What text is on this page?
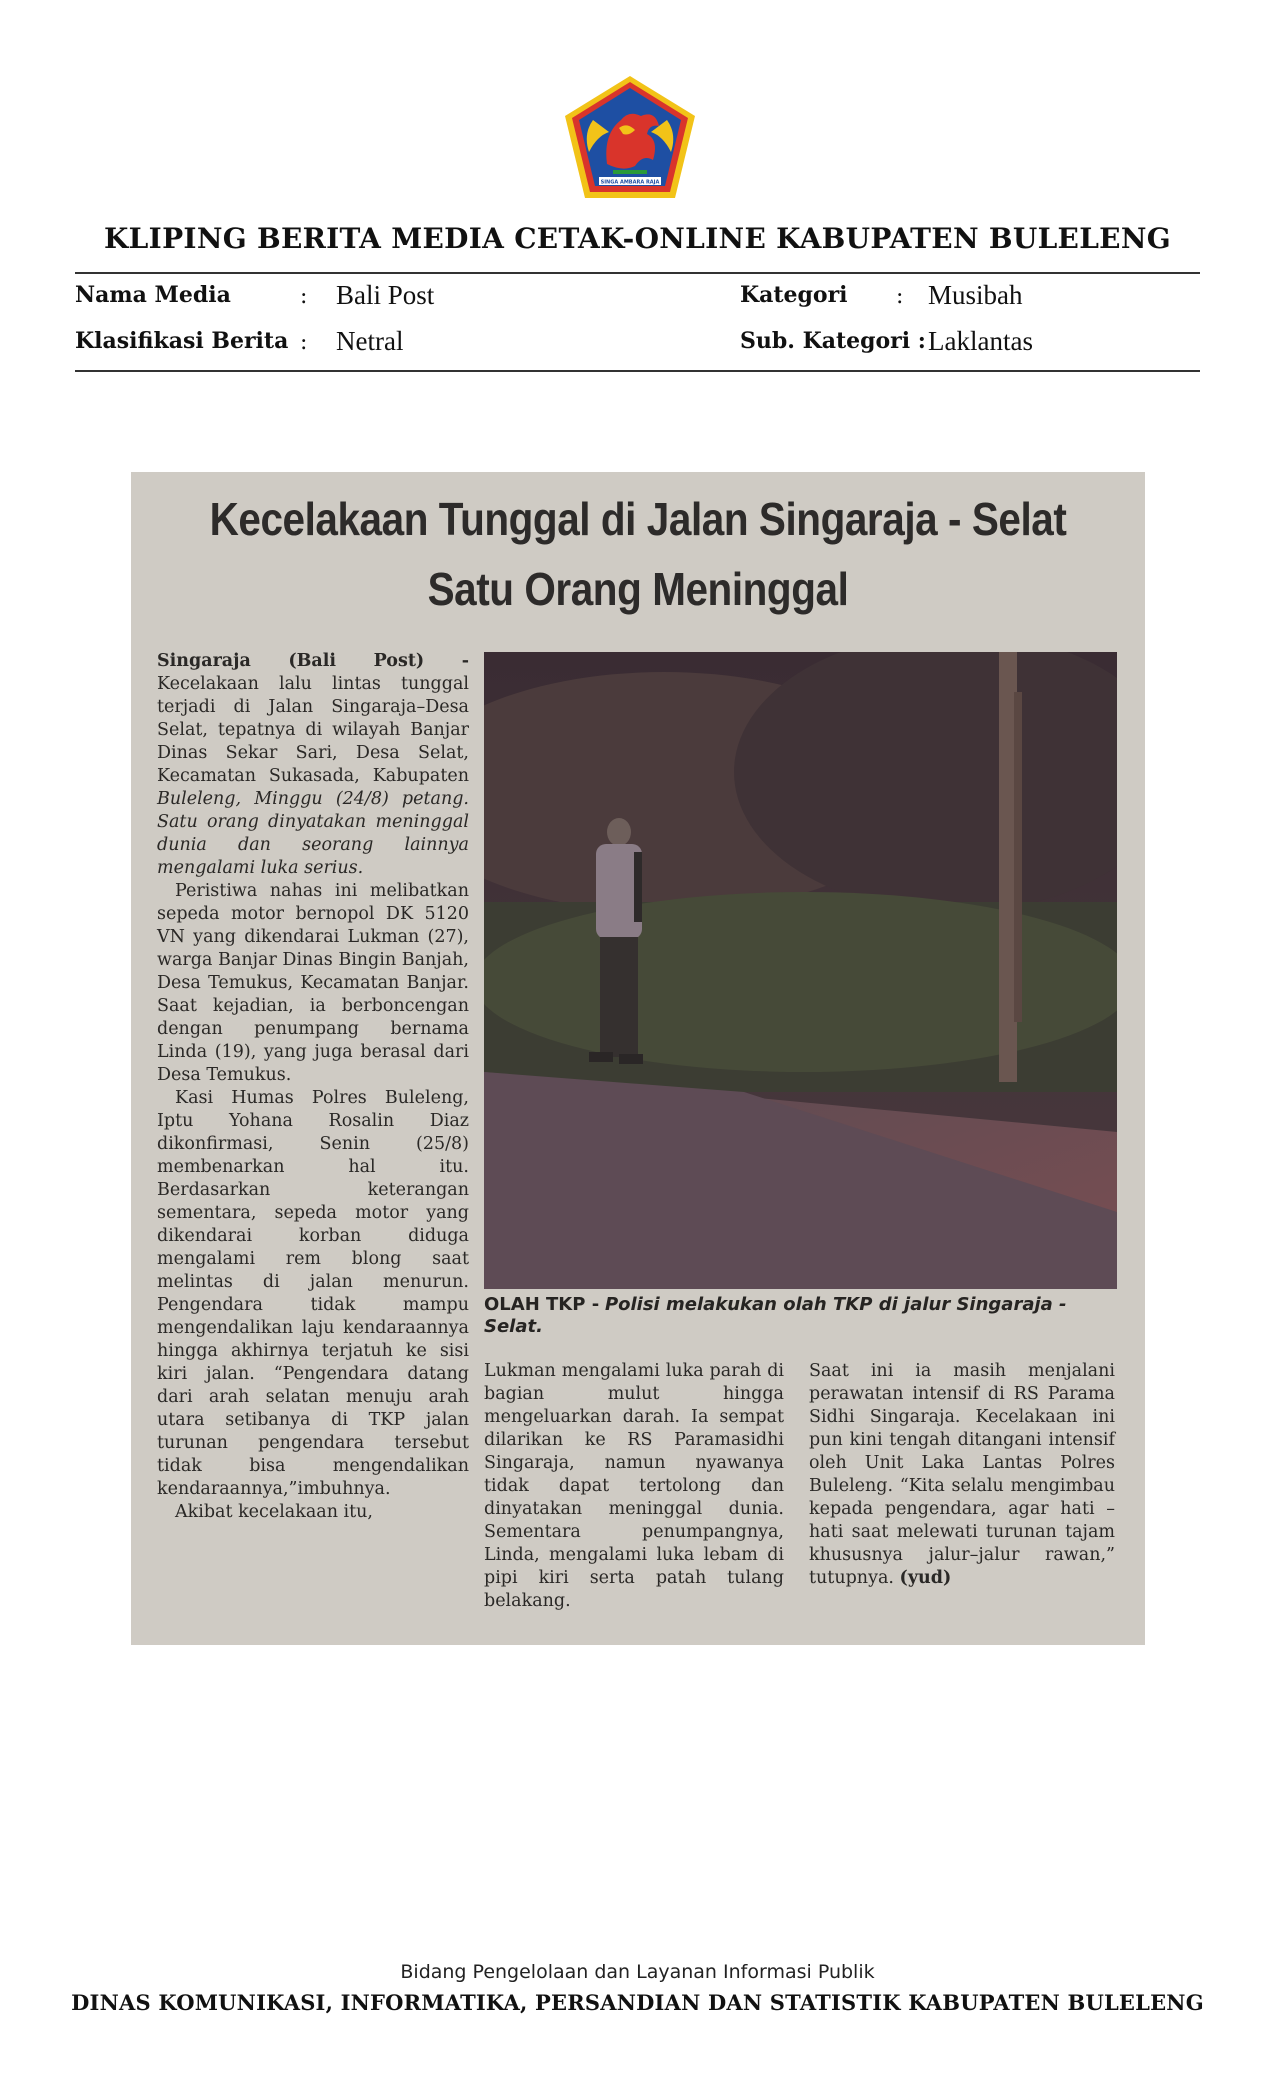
SINGA AMBARA RAJA
KLIPING BERITA MEDIA CETAK-ONLINE KABUPATEN BULELENG
Nama Media	: Bali Post
Klasifikasi Berita : Netral
Kategori : Musibah
Sub. Kategori : Laklantas
Kecelakaan Tunggal di Jalan Singaraja - Selat
Satu Orang Meninggal

Singaraja (Bali Post) - Kecelakaan lalu lintas tunggal terjadi di Jalan Singaraja–Desa Selat, tepatnya di wilayah Banjar Dinas Sekar Sari, Desa Selat, Kecamatan Sukasada, Kabupaten Buleleng, Minggu (24/8) petang. Satu orang dinyatakan meninggal dunia dan seorang lainnya mengalami luka serius.

Peristiwa nahas ini melibatkan sepeda motor bernopol DK 5120 VN yang dikendarai Lukman (27), warga Banjar Dinas Bingin Banjah, Desa Temukus, Kecamatan Banjar. Saat kejadian, ia berboncengan dengan penumpang bernama Linda (19), yang juga berasal dari Desa Temukus.

Kasi Humas Polres Buleleng, Iptu Yohana Rosalin Diaz dikonfirmasi, Senin (25/8) membenarkan hal itu. Berdasarkan keterangan sementara, sepeda motor yang dikendarai korban diduga mengalami rem blong saat melintas di jalan menurun. Pengendara tidak mampu mengendalikan laju kendaraannya hingga akhirnya terjatuh ke sisi kiri jalan. “Pengendara datang dari arah selatan menuju arah utara setibanya di TKP jalan turunan pengendara tersebut tidak bisa mengendalikan kendaraannya,”imbuhnya.

Akibat kecelakaan itu,

OLAH TKP - Polisi melakukan olah TKP di jalur Singaraja - Selat.

Lukman mengalami luka parah di bagian mulut hingga mengeluarkan darah. Ia sempat dilarikan ke RS Paramasidhi Singaraja, namun nyawanya tidak dapat tertolong dan dinyatakan meninggal dunia. Sementara penumpangnya, Linda, mengalami luka lebam di pipi kiri serta patah tulang belakang.

Saat ini ia masih menjalani perawatan intensif di RS Parama Sidhi Singaraja. Kecelakaan ini pun kini tengah ditangani intensif oleh Unit Laka Lantas Polres Buleleng. “Kita selalu mengimbau kepada pengendara, agar hati – hati saat melewati turunan tajam khususnya jalur–jalur rawan,” tutupnya. (yud)

Bidang Pengelolaan dan Layanan Informasi Publik
DINAS KOMUNIKASI, INFORMATIKA, PERSANDIAN DAN STATISTIK KABUPATEN BULELENG
